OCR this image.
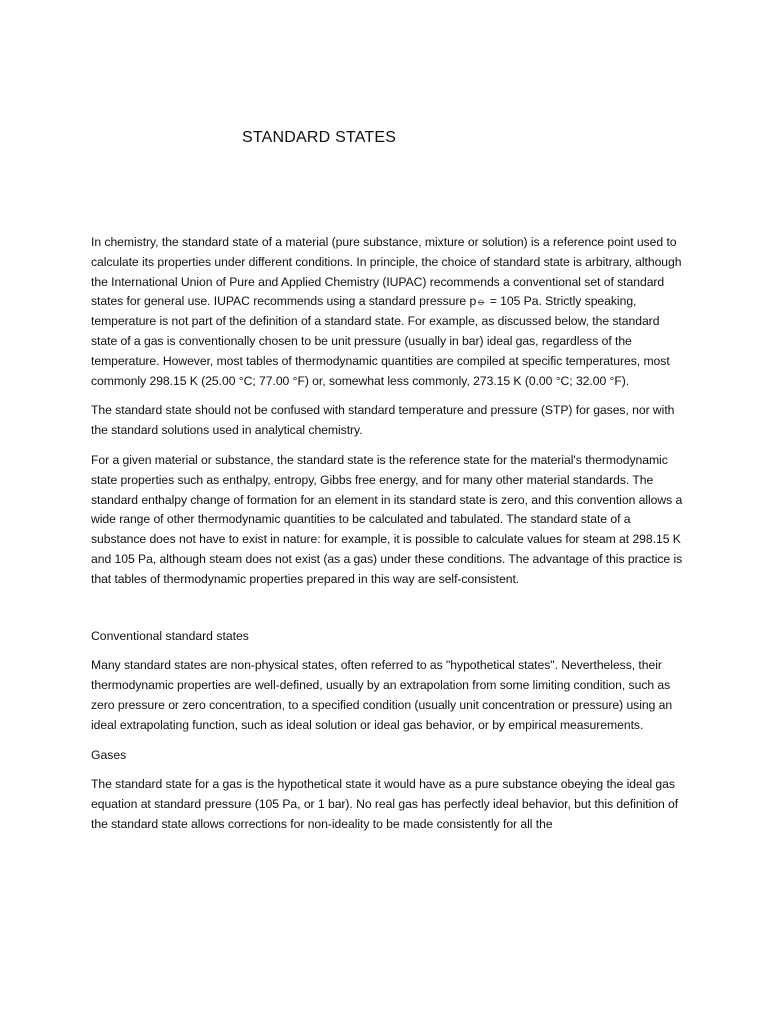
STANDARD STATES

In chemistry, the standard state of a material (pure substance, mixture or solution) is a reference point used to calculate its properties under different conditions. In principle, the choice of standard state is arbitrary, although the International Union of Pure and Applied Chemistry (IUPAC) recommends a conventional set of standard states for general use. IUPAC recommends using a standard pressure p⦵ = 105 Pa. Strictly speaking, temperature is not part of the definition of a standard state. For example, as discussed below, the standard state of a gas is conventionally chosen to be unit pressure (usually in bar) ideal gas, regardless of the temperature. However, most tables of thermodynamic quantities are compiled at specific temperatures, most commonly 298.15 K (25.00 °C; 77.00 °F) or, somewhat less commonly, 273.15 K (0.00 °C; 32.00 °F).

The standard state should not be confused with standard temperature and pressure (STP) for gases, nor with the standard solutions used in analytical chemistry.

For a given material or substance, the standard state is the reference state for the material's thermodynamic state properties such as enthalpy, entropy, Gibbs free energy, and for many other material standards. The standard enthalpy change of formation for an element in its standard state is zero, and this convention allows a wide range of other thermodynamic quantities to be calculated and tabulated. The standard state of a substance does not have to exist in nature: for example, it is possible to calculate values for steam at 298.15 K and 105 Pa, although steam does not exist (as a gas) under these conditions. The advantage of this practice is that tables of thermodynamic properties prepared in this way are self-consistent.

Conventional standard states

Many standard states are non-physical states, often referred to as "hypothetical states". Nevertheless, their thermodynamic properties are well-defined, usually by an extrapolation from some limiting condition, such as zero pressure or zero concentration, to a specified condition (usually unit concentration or pressure) using an ideal extrapolating function, such as ideal solution or ideal gas behavior, or by empirical measurements.

Gases

The standard state for a gas is the hypothetical state it would have as a pure substance obeying the ideal gas equation at standard pressure (105 Pa, or 1 bar). No real gas has perfectly ideal behavior, but this definition of the standard state allows corrections for non-ideality to be made consistently for all the
